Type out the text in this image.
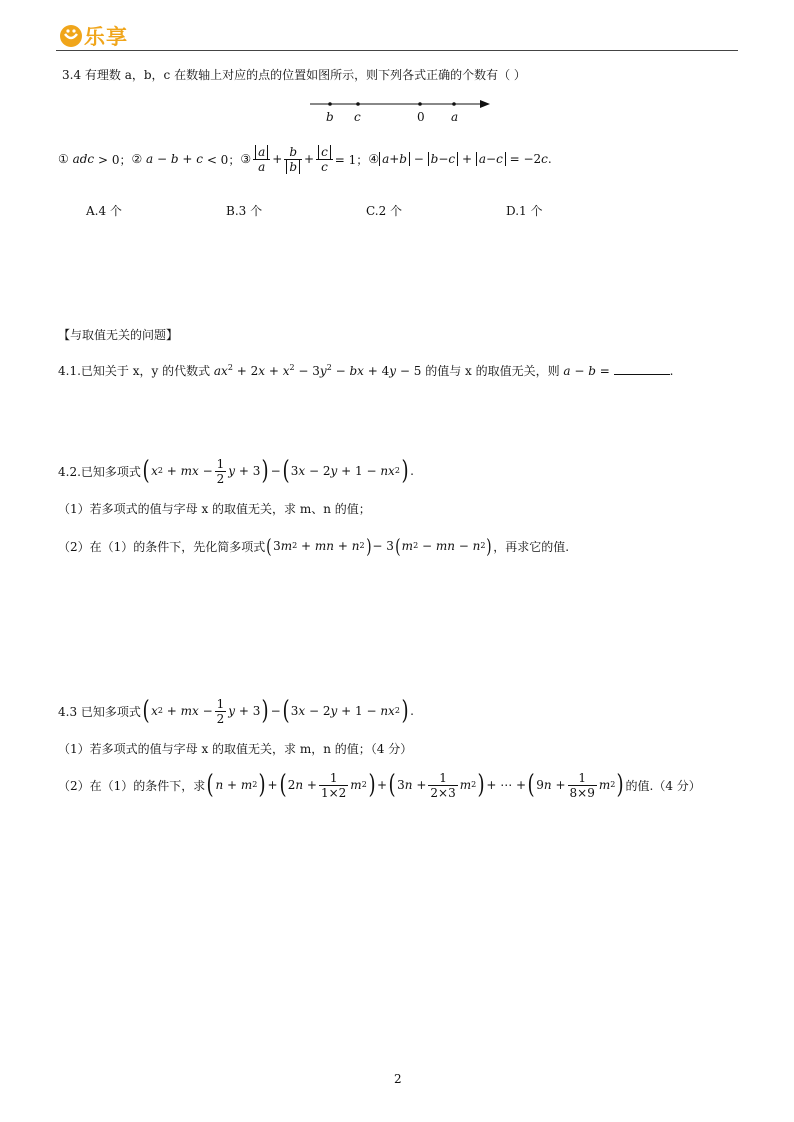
乐享
3.4 有理数 a，b，c 在数轴上对应的点的位置如图所示，则下列各式正确的个数有（ ）
b c	0 a
① adc > 0； ② a − b + c < 0； ③ $\frac{a}{a} + \frac{b}{b} + \frac{c}{c} = 1$； ④ a+b − b−c + a−c = −2 c .
A.4 个	B.3 个	C.2 个	D.1 个
【与取值无关的问题】
4.1.已知关于 x，y 的代数式 $ax^2 + 2x + x^2 - 3y^2$ − bx + 4y − 5 的值与 x 的取值无关，则 a − b =	.
4.2.已知多项式 ( x 2 + mx − $\frac{1}{2}$ y + 3 ) − ( 3 x − 2 y + 1 − nx 2 ) .
（1）若多项式的值与字母 x 的取值无关，求 m、n 的值；
（2）在（1）的条件下，先化简多项式 ( 3 m 2 + mn + n 2 ) − 3 ( m 2 − mn − n 2 ) ，再求它的值.
4.3 已知多项式 ( x 2 + mx − $\frac{1}{2}$ y + 3 ) − ( 3 x − 2 y + 1 − nx 2 ) .
（1）若多项式的值与字母 x 的取值无关，求 m，n 的值；（4 分）
（2）在（1）的条件下，求 ( n + m 2 ) + ( 2 $n + \frac{1}{1\times 2}$ m 2 ) + ( 3 $n + \frac{1}{2\times 3}$ m 2 ) + ⋯ + ( 9 $n + \frac{1}{8\times 9}$ m 2 ) 的值.（4 分）
2
